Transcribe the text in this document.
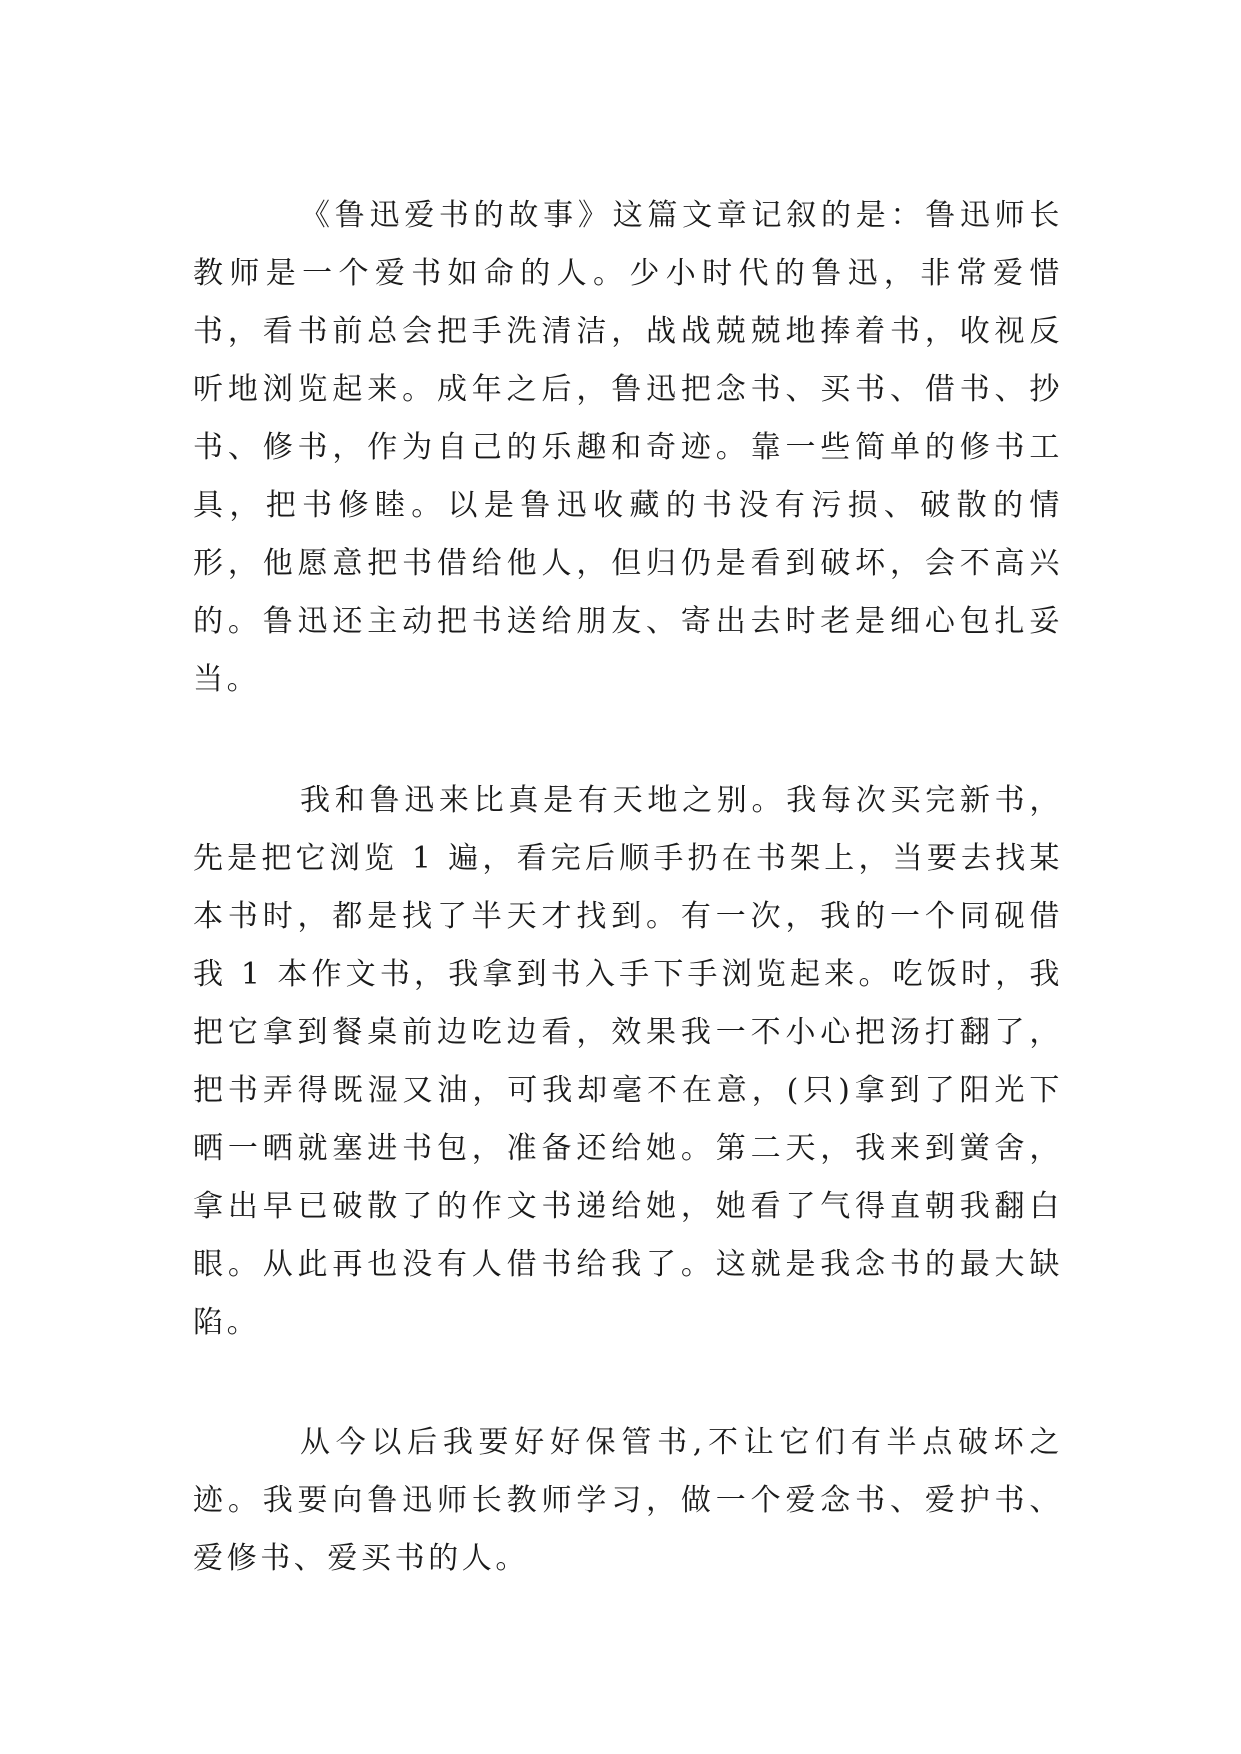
《鲁迅爱书的故事》这篇文章记叙的是：鲁迅师长教师是一个爱书如命的人。少小时代的鲁迅，非常爱惜书，看书前总会把手洗清洁，战战兢兢地捧着书，收视反听地浏览起来。成年之后，鲁迅把念书、买书、借书、抄书、修书，作为自己的乐趣和奇迹。靠一些简单的修书工具，把书修睦。以是鲁迅收藏的书没有污损、破散的情形，他愿意把书借给他人，但归仍是看到破坏，会不高兴的。鲁迅还主动把书送给朋友、寄出去时老是细心包扎妥当。

我和鲁迅来比真是有天地之别。我每次买完新书，先是把它浏览 1 遍，看完后顺手扔在书架上，当要去找某本书时，都是找了半天才找到。有一次，我的一个同砚借我 1 本作文书，我拿到书入手下手浏览起来。吃饭时，我把它拿到餐桌前边吃边看，效果我一不小心把汤打翻了，把书弄得既湿又油，可我却毫不在意，(只)拿到了阳光下晒一晒就塞进书包，准备还给她。第二天，我来到黉舍，拿出早已破散了的作文书递给她，她看了气得直朝我翻白眼。从此再也没有人借书给我了。这就是我念书的最大缺陷。

从今以后我要好好保管书,不让它们有半点破坏之迹。我要向鲁迅师长教师学习，做一个爱念书、爱护书、爱修书、爱买书的人。
